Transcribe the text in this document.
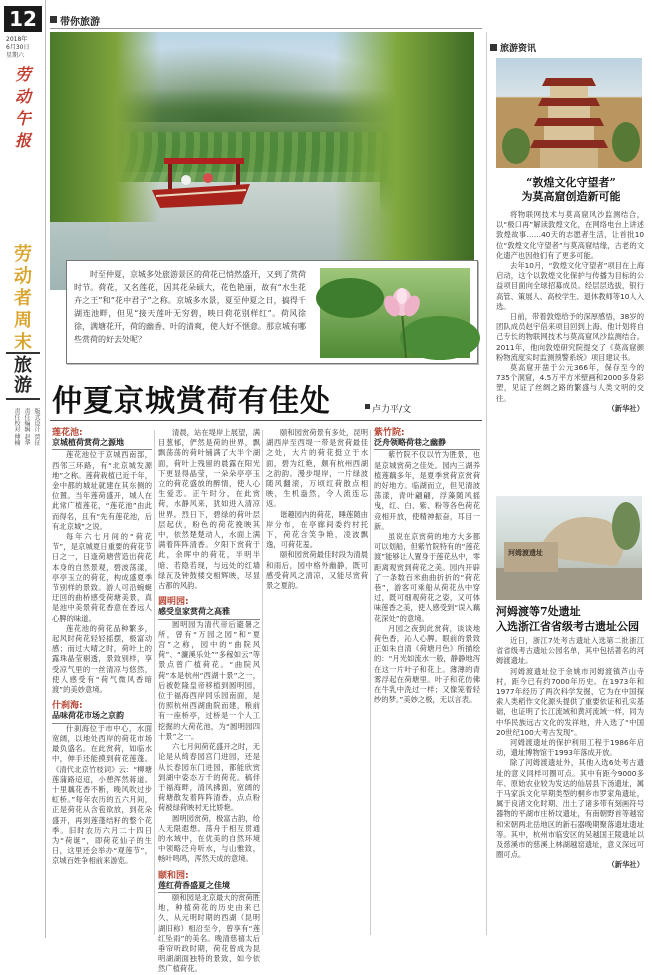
12
2018年
6月30日
星期六
劳动午报
劳动者周末
旅游
版式设计 贾征
责任编辑 赵华
责任校对 傅楠
带你旅游
时至仲夏，京城多处旅游景区的荷花已悄然盛开，又到了赏荷时节。荷花，又名莲花，因其花朵硕大，花色艳丽，故有“水生花卉之王”和“花中君子”之称。京城多水景，夏至仲夏之日，搞得千湖连池畔，但见“接天莲叶无穷碧，映日荷花别样红”。荷风徐徐，满塘花开，荷的幽香、叶的清爽，使人好不惬意。那京城有哪些赏荷的好去处呢？
仲夏京城赏荷有佳处	卢力平/文
莲花池:
京城植荷赏荷之源地

莲花池位于京城西南部，西邻三环路，有“北京城发源地”之称。莲荷栽植已近千年，金中都的城址就建在其东侧的位置。当年莲荷盛开，城人在此常广植莲花，“莲花池”由此而得名，且有“先有莲花池，后有北京城”之说。

每年六七月间的“荷花节”，是京城夏日重要的荷花节日之一，日逢荷塘营造出荷花本身的自然景观，碧波荡漾，亭亭玉立的荷花，构成盛夏季节别样的景致。游人可沿蜿蜒迂回的曲桥感受荷塘美景，真是池中美景荷花香意在香远人心脾的味道。

莲花池的荷花品种繁多，起风时荷花轻轻摇摆，极富动感；而过大晴之时，荷叶上的露珠晶莹剔透，景致别样，享受凉气里的一丝清凉与悠然，使人感受有“荷气微风香暗渡”的美妙意境。

什刹海:
品味荷花市场之京韵

什刹海位于市中心，水面宽阔，以地处西岸的荷花市场最负盛名。在此赏荷，如临水中，伸手还能摸到荷花莲蓬。《清代北京竹枝词》云：“柳塘莲蒲路迢迢，小憩浑然蒋道。十里藕花香不断，晚风吹过步虹桥。”每年农历的五六月间，正是荷花从含苞欲放，到花朵盛开，再到莲蓬结籽的整个花季。旧时农历六月二十四日为“荷诞”，即荷花仙子的生日，这里还会举办“观莲节”，京城百姓争相前来游览。

清晨，站在堤岸上展望，满目葱郁，俨然是荷的世界，飘飘荡荡的荷叶铺满了大半个湖面，荷叶上残留的晨露在阳光下更显得晶莹，一朵朵亭亭玉立的荷花盛放的醉情，使人心生爱恋。正午时分，在此赏荷，水静风来，犹如进入清凉世界。烈日下，碧绿的荷叶层层起伏，粉色的荷花挽映其中，依然楚楚动人，水面上满满着阵阵清香。夕阳下赏荷于此，余晖中的荷花，半明半暗、若隐若现，与远处的红墙绿瓦及钟鼓楼交相辉映，尽显古都的风韵。

圆明园:
感受皇家赏荷之高雅

圆明园为清代帝后避暑之所，曾有“万园之园”和“夏宫”之称，园中的“曲院风荷”、“濂溪乐处”“多稼如云”等景点曾广植荷花。“曲院风荷”本是杭州“西湖十景”之一，后被乾隆皇帝移植到圆明园，位于福海西岸同乐园南面，是仿照杭州西湖曲院而建，粮前有一座桥亭，过桥是一个人工挖掘的大荷花池，为“圆明园四十景”之一。

六七月间荷花盛开之时，无论是从绮春园宫门进园，还是从长春园东门进园，都能欣赏到湖中姿态万千的荷花。稿伴于福海畔，清风拂面，宽阔的荷塘散发着阵阵清香，点点粉荷被绿荷映衬无比娇艳。

圆明园赏荷，极富古韵，给人无限遐想。荡舟于相互贯通的水域中，在优美的自然环境中领略泛舟听水，与山雅致，畅叶鸣鸣，浑然天成的意境。

颐和园:
莲红荷香盛夏之佳境

颐和园是北京最大的赏荷胜地，种植荷花的历史由来已久，从元明时期的西湖（昆明湖旧称）相沿至今，曾享有“莲红坠雨”的美名。晚清慈禧太后垂帘听政时期，荷花曾成为昆明湖湖面独特的景致，如今依然广植荷花。

颐和园赏荷景有多处，昆明湖西岸至西堤一带是赏荷最佳之处，大片的荷花挺立于水面，碧为红艳，颇有杭州西湖之韵韵。漫步堤岸，一片绿波随风翻滚，万顷红荷散点相映，生机盎然，令人流连忘返。

谐趣园内的荷花，睡莲随由岸分布，在亭廊间委约村托下，荷花含笑争艳，凌波飘逸，可荷花羞。

颐和园赏荷最佳时段为清晨和雨后，园中格外幽静，既可感受荷风之清凉，又能尽赏荷景之夏韵。

紫竹院:
泛舟领略荷巷之幽静

紫竹院不仅以竹为胜景，也是京城赏荷之佳处。园内三湖养植莲藕多年，是夏季赏荷京赏荷的好地方。临湖而立，但见清波荡漾，青叶翩翩，浮藻随风摇曳，红、白、紫、粉等各色荷花竞相开放，使精神振奋，耳目一新。

虽说在京赏荷的地方大多都可以划船，但紫竹院特有的“莲花渡”能够让人置身于莲花丛中，零距离观赏到荷花之美。园内开辟了一条数百米曲曲折折的“荷花巷”，游客可乘船从荷花丛中穿过，既可细观荷花之姿，又可体味莲香之美，使人感受到“误入藕花深处”的意境。

月园之夜到此赏荷，谈谈地荷色香，沁人心脾。眼前的景致正如朱自清《荷塘月色》所描绘的：“月光如流水一般，静静地泻在这一片叶子和花上。薄薄的青雾浮起在荷塘里。叶子和花仿佛在牛乳中洗过一样；又像笼着轻纱的梦。”美妙之极，无以言表。

旅游资讯
“敦煌文化守望者”
为莫高窟创造新可能

将物联网技术与莫高窟风沙监测结合，以“极口再”解读敦煌文化，在网络电台上讲述敦煌故事……40天的志愿者生活，让首批10位“敦煌文化守望者”与莫高窟结缘，古老的文化遗产也因他们有了更多可能。

去年10月，“敦煌文化守望者”项目在上海启动，这个以敦煌文化保护与传播为目标的公益项目面向全球招募成员。经层层选拔，银行高管、策展人、高校学生、退休教师等10人入选。

日前，带着敦煌给予的深厚感悟，38岁的团队成员赵宇倍来项目回到上海。他计划将自己专长的物联网技术与莫高窟风沙监测结合。2011年，他向敦煌研究院提交了《莫高窟颜粉物流度实时监测预警系统》项目建议书。

莫高窟开凿于公元366年，保存至今的735个洞窟，4.5万平方米壁画和2000多身彩塑，见证了丝绸之路的繁盛与人类文明的交往。

（新华社）
河姆渡遗址
河姆渡等7处遗址
入选浙江省省级考古遗址公园

近日，浙江7处考古遗址入选第二批浙江省省级考古遗址公园名单，其中包括著名的河姆渡遗址。

河姆渡遗址位于余姚市河姆渡镇芦山寺村，距今已有约7000年历史。在1973年和1977年经历了两次科学发掘，它为在中国探索人类稻作文化源头提供了重要依证和孔实基础，也证明了长江流域和黄河流域一样，同为中华民族远古文化的发祥地，并入选了“中国20世纪100大考古发现”。

河姆渡遗址的保护利用工程于1986年启动，遗址博物馆于1993年落成开放。

除了河姆渡遗址外，其他入选6处考古遗址的意义同样可圈可点。其中有距今9000多年、原始农业较为发达的仙居县下汤遗址，属于马家浜文化早期类型的桐乡市罗家角遗址，属于良渚文化时期、出土了诸多带有刻画符号器物的平湖市庄桥坟遗址，有南朝野首等越窑和宋朝两北岳地区的新石器晚期聚落遗址遗址等。其中，杭州市临安区的吴越国王陵遗址以及慈溪市的慈溪上林湖越窑遗址，意义深远可圈可点。

（新华社）
